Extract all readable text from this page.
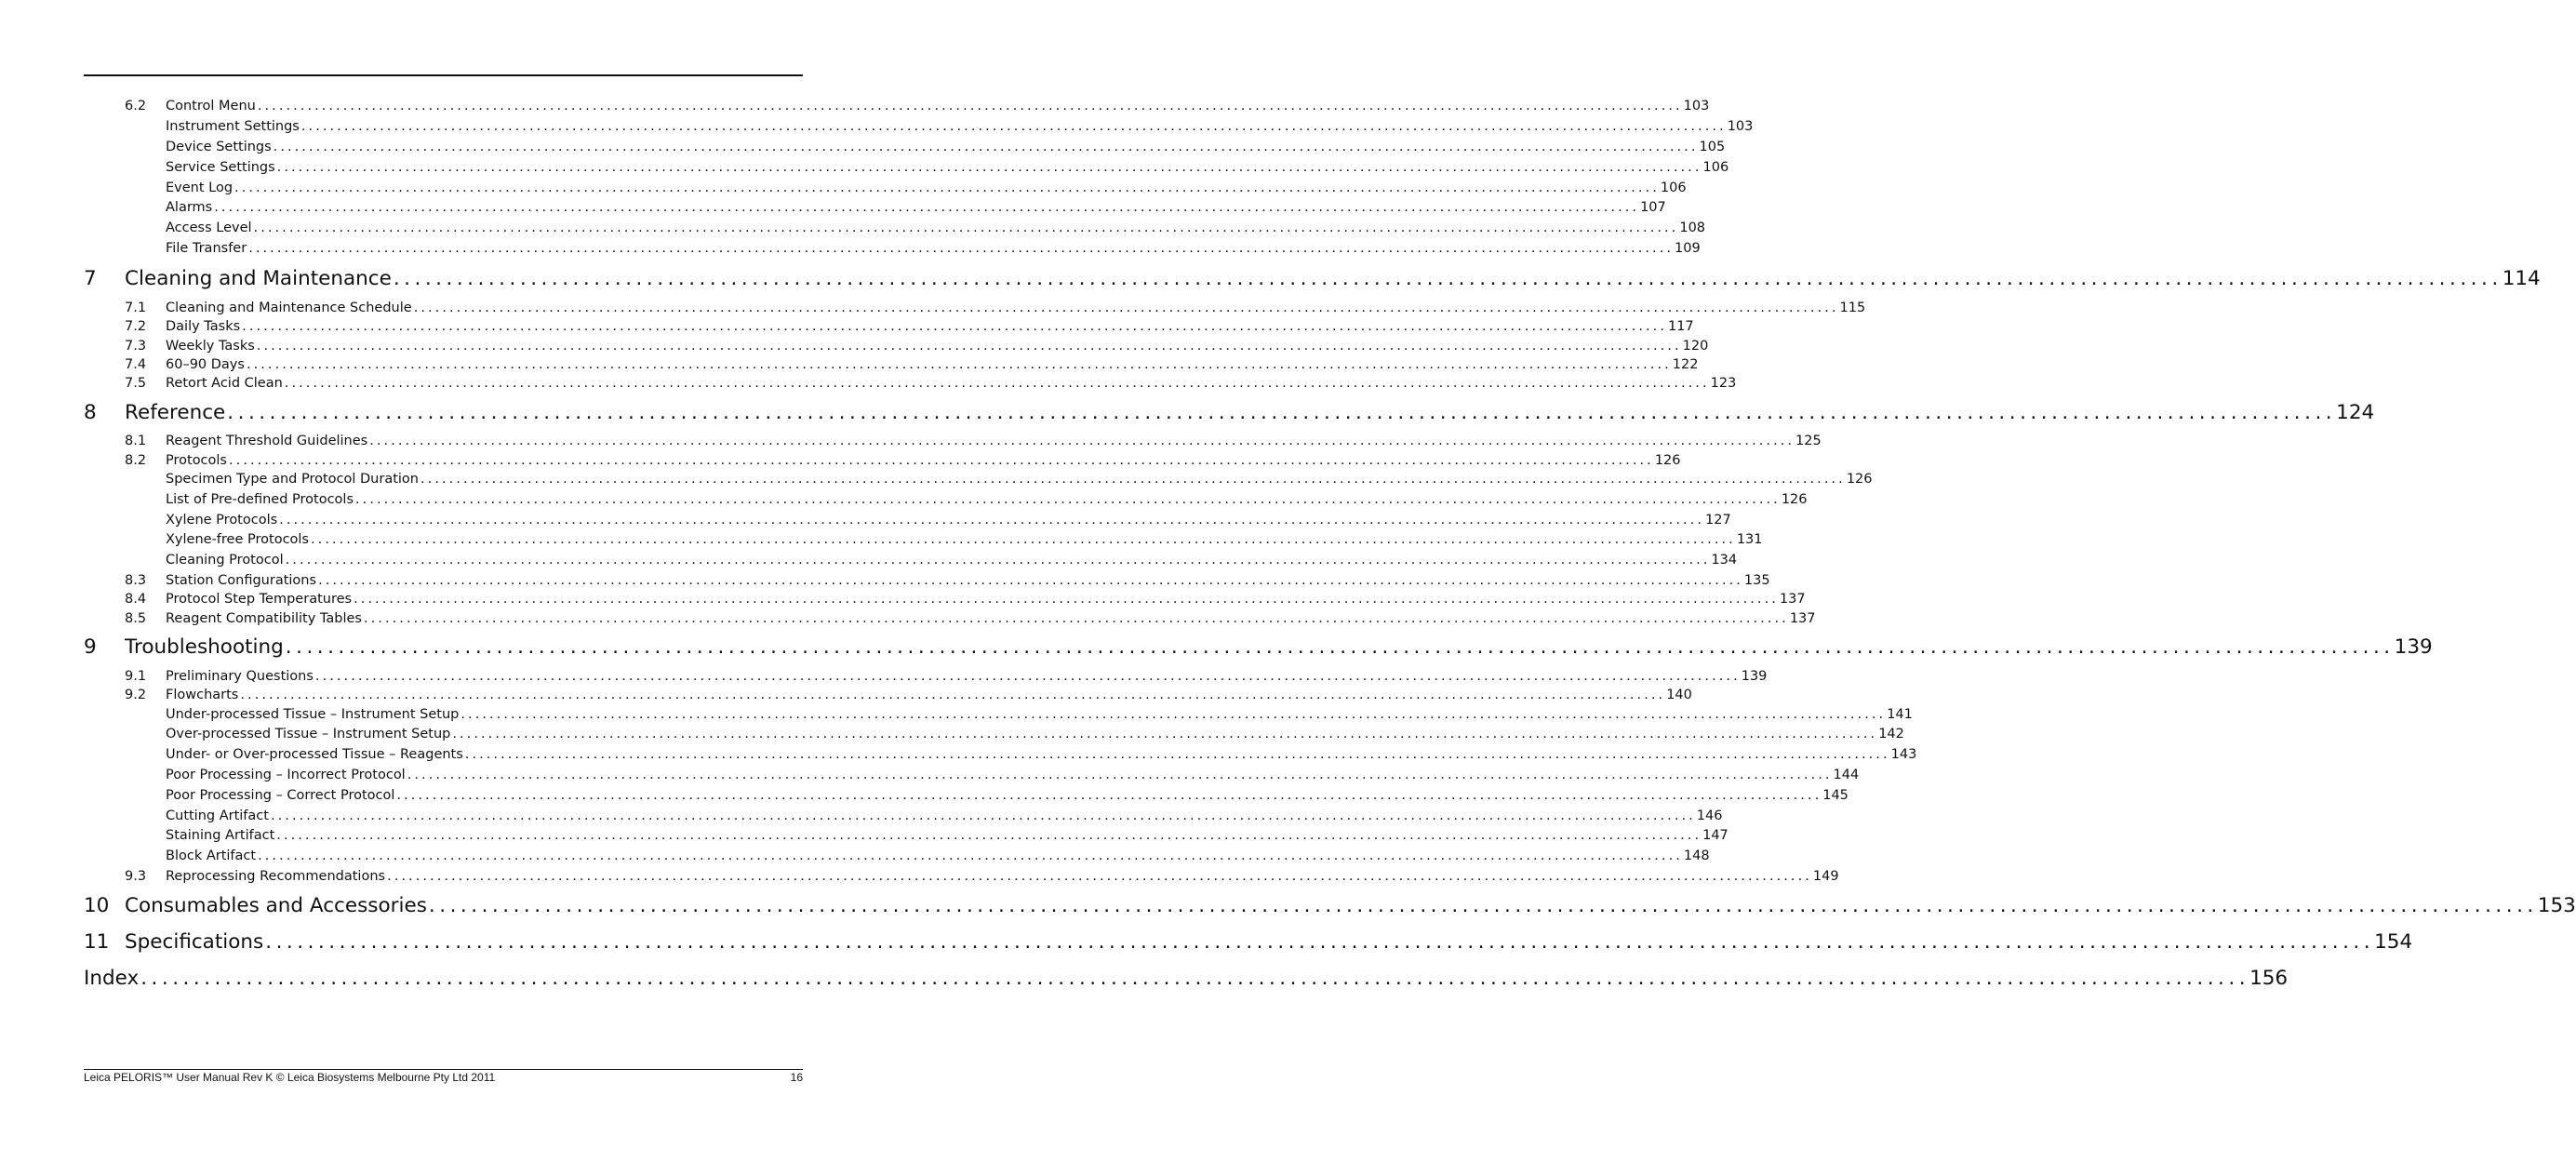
6.2	Control Menu ........................................................................................................................................................................................................ 103
Instrument Settings ........................................................................................................................................................................................................ 103
Device Settings ........................................................................................................................................................................................................ 105
Service Settings ........................................................................................................................................................................................................ 106
Event Log ........................................................................................................................................................................................................ 106
Alarms ........................................................................................................................................................................................................ 107
Access Level ........................................................................................................................................................................................................ 108
File Transfer ........................................................................................................................................................................................................ 109
7	Cleaning and Maintenance ........................................................................................................................................................................................................ 114
7.1	Cleaning and Maintenance Schedule ........................................................................................................................................................................................................ 115
7.2	Daily Tasks ........................................................................................................................................................................................................ 117
7.3	Weekly Tasks ........................................................................................................................................................................................................ 120
7.4	60–90 Days ........................................................................................................................................................................................................ 122
7.5	Retort Acid Clean ........................................................................................................................................................................................................ 123
8	Reference ........................................................................................................................................................................................................ 124
8.1	Reagent Threshold Guidelines ........................................................................................................................................................................................................ 125
8.2	Protocols ........................................................................................................................................................................................................ 126
Specimen Type and Protocol Duration ........................................................................................................................................................................................................ 126
List of Pre-defined Protocols ........................................................................................................................................................................................................ 126
Xylene Protocols ........................................................................................................................................................................................................ 127
Xylene-free Protocols ........................................................................................................................................................................................................ 131
Cleaning Protocol ........................................................................................................................................................................................................ 134
8.3	Station Configurations ........................................................................................................................................................................................................ 135
8.4	Protocol Step Temperatures ........................................................................................................................................................................................................ 137
8.5	Reagent Compatibility Tables ........................................................................................................................................................................................................ 137
9	Troubleshooting ........................................................................................................................................................................................................ 139
9.1	Preliminary Questions ........................................................................................................................................................................................................ 139
9.2	Flowcharts ........................................................................................................................................................................................................ 140
Under-processed Tissue – Instrument Setup ........................................................................................................................................................................................................ 141
Over-processed Tissue – Instrument Setup ........................................................................................................................................................................................................ 142
Under- or Over-processed Tissue – Reagents ........................................................................................................................................................................................................ 143
Poor Processing – Incorrect Protocol ........................................................................................................................................................................................................ 144
Poor Processing – Correct Protocol ........................................................................................................................................................................................................ 145
Cutting Artifact ........................................................................................................................................................................................................ 146
Staining Artifact ........................................................................................................................................................................................................ 147
Block Artifact ........................................................................................................................................................................................................ 148
9.3	Reprocessing Recommendations ........................................................................................................................................................................................................ 149
10 Consumables and Accessories ........................................................................................................................................................................................................ 153
11 Specifications ........................................................................................................................................................................................................ 154
Index ........................................................................................................................................................................................................ 156
Leica PELORIS™ User Manual Rev K © Leica Biosystems Melbourne Pty Ltd 2011	16
